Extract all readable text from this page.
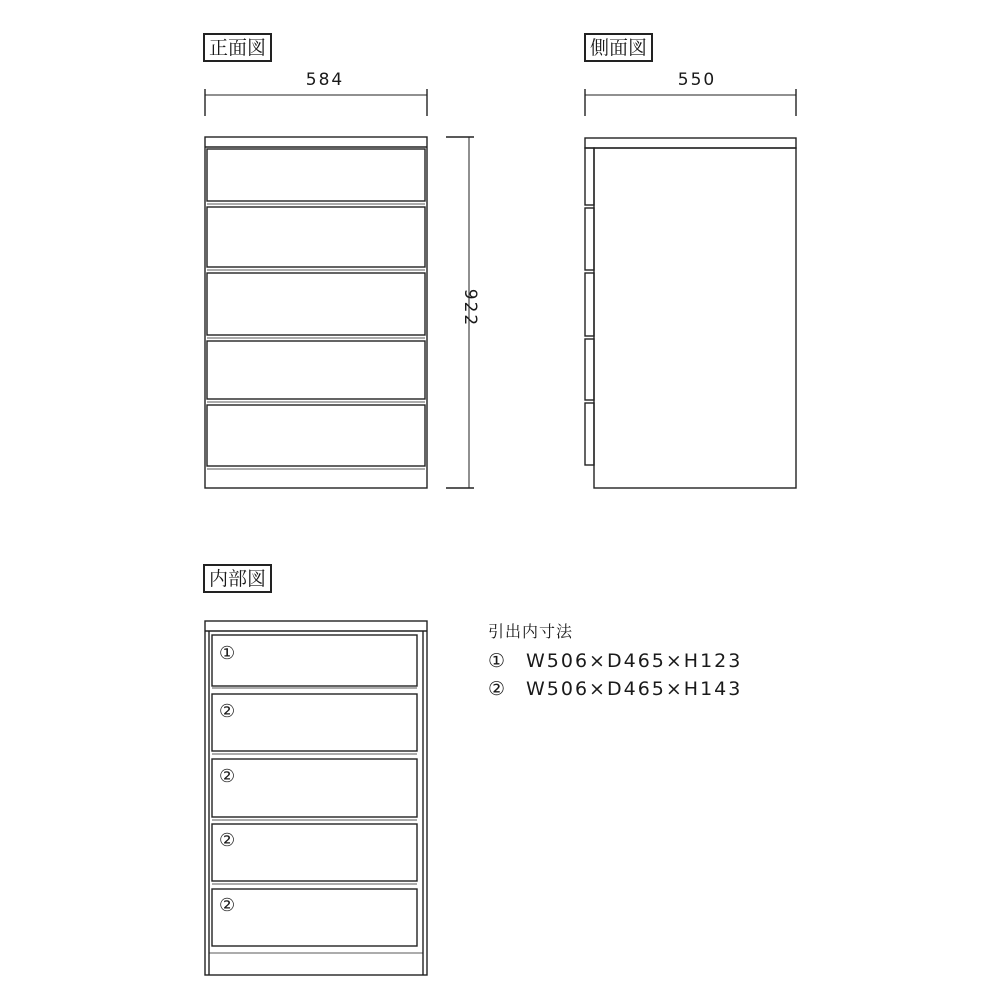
正面図	側面図
内部図
584	550
922
①
②
②
②
②
引出内寸法
① W506×D465×H123
② W506×D465×H143
